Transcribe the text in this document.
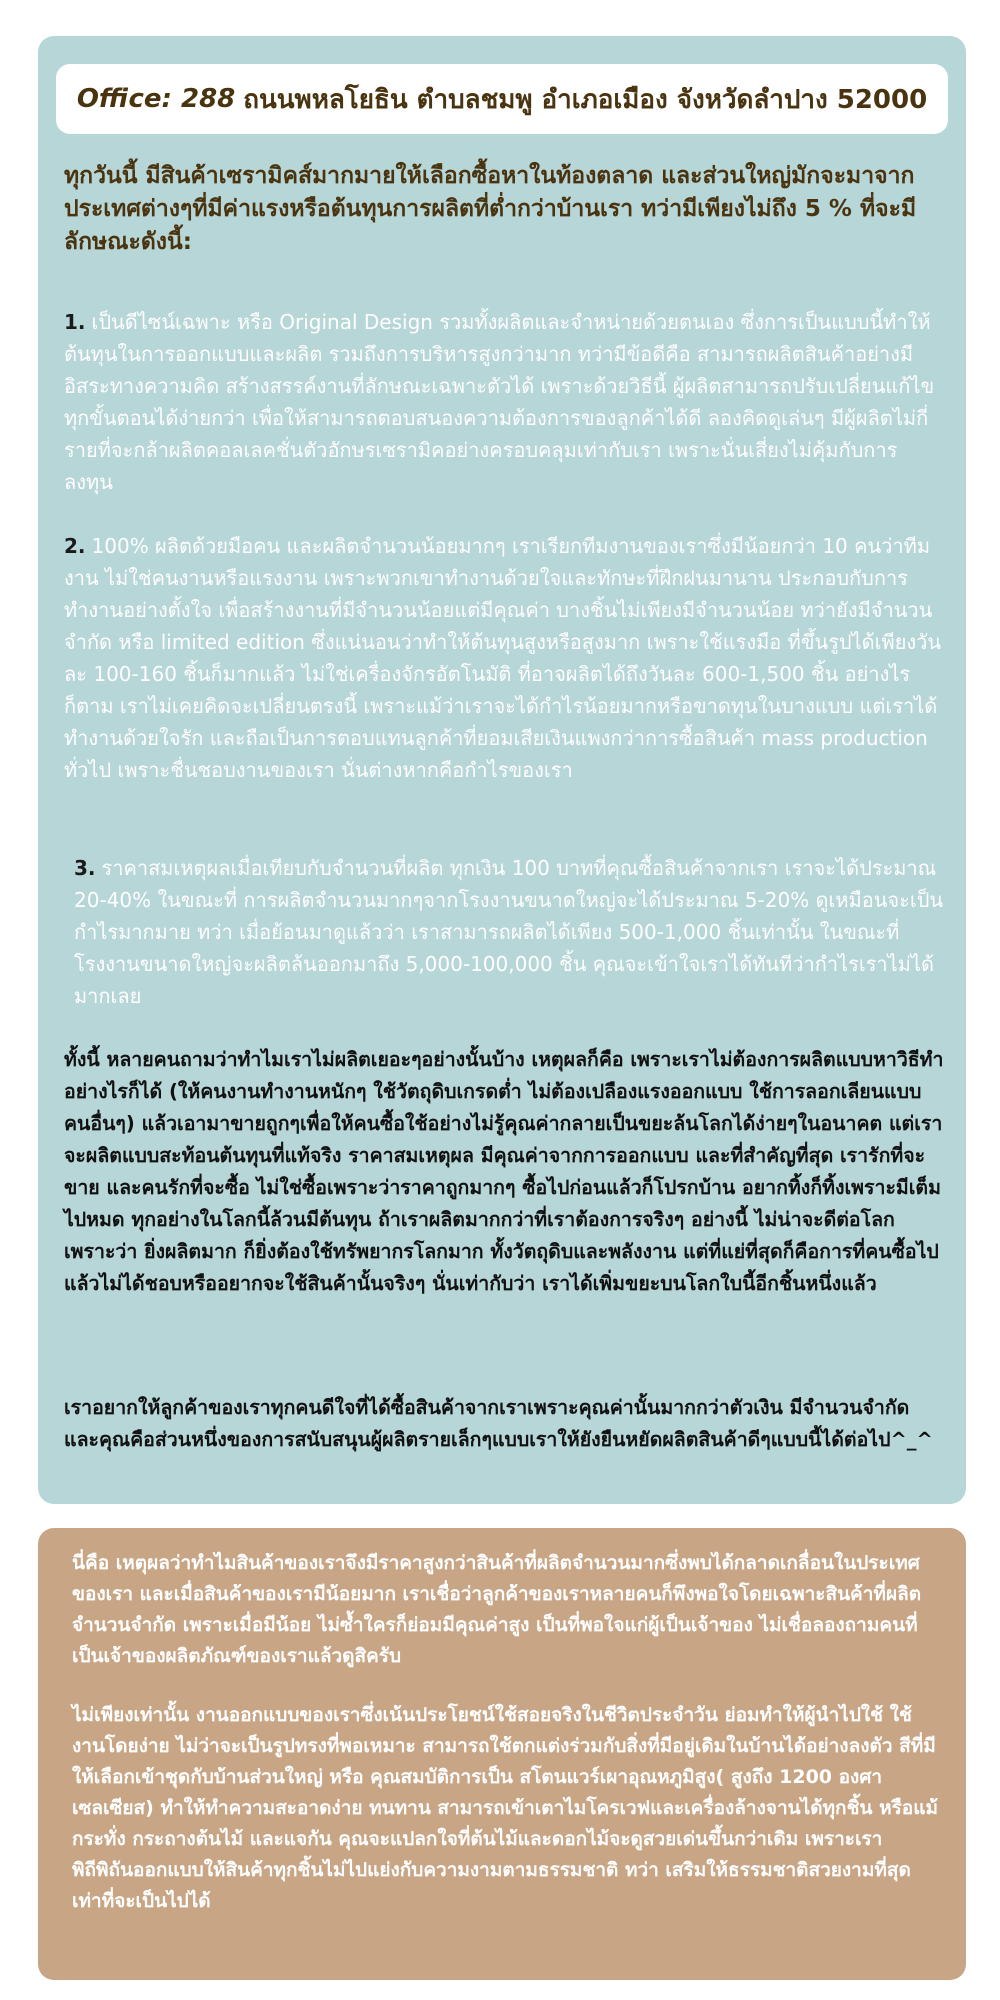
Office: 288 ถนนพหลโยธิน ตำบลชมพู อำเภอเมือง จังหวัดลำปาง 52000
ทุกวันนี้ มีสินค้าเซรามิคส์มากมายให้เลือกซื้อหาในท้องตลาด และส่วนใหญ่มักจะมาจากประเทศต่างๆที่มีค่าแรงหรือต้นทุนการผลิตที่ต่ำกว่าบ้านเรา ทว่ามีเพียงไม่ถึง 5 % ที่จะมีลักษณะดังนี้:
1. เป็นดีไซน์เฉพาะ หรือ Original Design รวมทั้งผลิตและจำหน่ายด้วยตนเอง ซึ่งการเป็นแบบนี้ทำให้ต้นทุนในการออกแบบและผลิต รวมถึงการบริหารสูงกว่ามาก ทว่ามีข้อดีคือ สามารถผลิตสินค้าอย่างมีอิสระทางความคิด สร้างสรรค์งานที่ลักษณะเฉพาะตัวได้ เพราะด้วยวิธีนี้ ผู้ผลิตสามารถปรับเปลี่ยนแก้ไขทุกขั้นตอนได้ง่ายกว่า เพื่อให้สามารถตอบสนองความต้องการของลูกค้าได้ดี ลองคิดดูเล่นๆ มีผู้ผลิตไม่กี่รายที่จะกล้าผลิตคอลเลคชั่นตัวอักษรเซรามิคอย่างครอบคลุมเท่ากับเรา เพราะนั่นเสี่ยงไม่คุ้มกับการลงทุน
2. 100% ผลิตด้วยมือคน และผลิตจำนวนน้อยมากๆ เราเรียกทีมงานของเราซึ่งมีน้อยกว่า 10 คนว่าทีมงาน ไม่ใช่คนงานหรือแรงงาน เพราะพวกเขาทำงานด้วยใจและทักษะที่ฝึกฝนมานาน ประกอบกับการทำงานอย่างตั้งใจ เพื่อสร้างงานที่มีจำนวนน้อยแต่มีคุณค่า บางชิ้นไม่เพียงมีจำนวนน้อย ทว่ายังมีจำนวนจำกัด หรือ limited edition ซึ่งแน่นอนว่าทำให้ต้นทุนสูงหรือสูงมาก เพราะใช้แรงมือ ที่ขึ้นรูปได้เพียงวันละ 100-160 ชิ้นก็มากแล้ว ไม่ใช่เครื่องจักรอัตโนมัติ ที่อาจผลิตได้ถึงวันละ 600-1,500 ชิ้น อย่างไรก็ตาม เราไม่เคยคิดจะเปลี่ยนตรงนี้ เพราะแม้ว่าเราจะได้กำไรน้อยมากหรือขาดทุนในบางแบบ แต่เราได้ทำงานด้วยใจรัก และถือเป็นการตอบแทนลูกค้าที่ยอมเสียเงินแพงกว่าการซื้อสินค้า mass production ทั่วไป เพราะชื่นชอบงานของเรา นั่นต่างหากคือกำไรของเรา
3. ราคาสมเหตุผลเมื่อเทียบกับจำนวนที่ผลิต ทุกเงิน 100 บาทที่คุณซื้อสินค้าจากเรา เราจะได้ประมาณ 20-40% ในขณะที่ การผลิตจำนวนมากๆจากโรงงานขนาดใหญ่จะได้ประมาณ 5-20% ดูเหมือนจะเป็นกำไรมากมาย ทว่า เมื่อย้อนมาดูแล้วว่า เราสามารถผลิตได้เพียง 500-1,000 ชิ้นเท่านั้น ในขณะที่โรงงานขนาดใหญ่จะผลิตล้นออกมาถึง 5,000-100,000 ชิ้น คุณจะเข้าใจเราได้ทันทีว่ากำไรเราไม่ได้มากเลย
ทั้งนี้ หลายคนถามว่าทำไมเราไม่ผลิตเยอะๆอย่างนั้นบ้าง เหตุผลก็คือ เพราะเราไม่ต้องการผลิตแบบหาวิธีทำอย่างไรก็ได้ (ให้คนงานทำงานหนักๆ ใช้วัตถุดิบเกรดต่ำ ไม่ต้องเปลืองแรงออกแบบ ใช้การลอกเลียนแบบคนอื่นๆ) แล้วเอามาขายถูกๆเพื่อให้คนซื้อใช้อย่างไม่รู้คุณค่ากลายเป็นขยะล้นโลกได้ง่ายๆในอนาคต แต่เราจะผลิตแบบสะท้อนต้นทุนที่แท้จริง ราคาสมเหตุผล มีคุณค่าจากการออกแบบ และที่สำคัญที่สุด เรารักที่จะขาย และคนรักที่จะซื้อ ไม่ใช่ซื้อเพราะว่าราคาถูกมากๆ ซื้อไปก่อนแล้วก็โปรกบ้าน อยากทิ้งก็ทิ้งเพราะมีเต็มไปหมด ทุกอย่างในโลกนี้ล้วนมีต้นทุน ถ้าเราผลิตมากกว่าที่เราต้องการจริงๆ อย่างนี้ ไม่น่าจะดีต่อโลก เพราะว่า ยิ่งผลิตมาก ก็ยิ่งต้องใช้ทรัพยากรโลกมาก ทั้งวัตถุดิบและพลังงาน แต่ที่แย่ที่สุดก็คือการที่คนซื้อไปแล้วไม่ได้ชอบหรืออยากจะใช้สินค้านั้นจริงๆ นั่นเท่ากับว่า เราได้เพิ่มขยะบนโลกใบนี้อีกชิ้นหนึ่งแล้ว
เราอยากให้ลูกค้าของเราทุกคนดีใจที่ได้ซื้อสินค้าจากเราเพราะคุณค่านั้นมากกว่าตัวเงิน มีจำนวนจำกัดและคุณคือส่วนหนึ่งของการสนับสนุนผู้ผลิตรายเล็กๆแบบเราให้ยังยืนหยัดผลิตสินค้าดีๆแบบนี้ได้ต่อไป^_^
นี่คือ เหตุผลว่าทำไมสินค้าของเราจึงมีราคาสูงกว่าสินค้าที่ผลิตจำนวนมากซึ่งพบได้กลาดเกลื่อนในประเทศของเรา และเมื่อสินค้าของเรามีน้อยมาก เราเชื่อว่าลูกค้าของเราหลายคนก็พึงพอใจโดยเฉพาะสินค้าที่ผลิตจำนวนจำกัด เพราะเมื่อมีน้อย ไม่ซ้ำใครก็ย่อมมีคุณค่าสูง เป็นที่พอใจแก่ผู้เป็นเจ้าของ ไม่เชื่อลองถามคนที่เป็นเจ้าของผลิตภัณฑ์ของเราแล้วดูสิครับ
ไม่เพียงเท่านั้น งานออกแบบของเราซึ่งเน้นประโยชน์ใช้สอยจริงในชีวิตประจำวัน ย่อมทำให้ผู้นำไปใช้ ใช้งานโดยง่าย ไม่ว่าจะเป็นรูปทรงที่พอเหมาะ สามารถใช้ตกแต่งร่วมกับสิ่งที่มีอยู่เดิมในบ้านได้อย่างลงตัว สีที่มีให้เลือกเข้าชุดกับบ้านส่วนใหญ่ หรือ คุณสมบัติการเป็น สโตนแวร์เผาอุณหภูมิสูง( สูงถึง 1200 องศาเซลเซียส) ทำให้ทำความสะอาดง่าย ทนทาน สามารถเข้าเตาไมโครเวฟและเครื่องล้างจานได้ทุกชิ้น หรือแม้กระทั่ง กระถางต้นไม้ และแจกัน คุณจะแปลกใจที่ต้นไม้และดอกไม้จะดูสวยเด่นขึ้นกว่าเดิม เพราะเราพิถีพิถันออกแบบให้สินค้าทุกชิ้นไม่ไปแย่งกับความงามตามธรรมชาติ ทว่า เสริมให้ธรรมชาติสวยงามที่สุดเท่าที่จะเป็นไปได้
